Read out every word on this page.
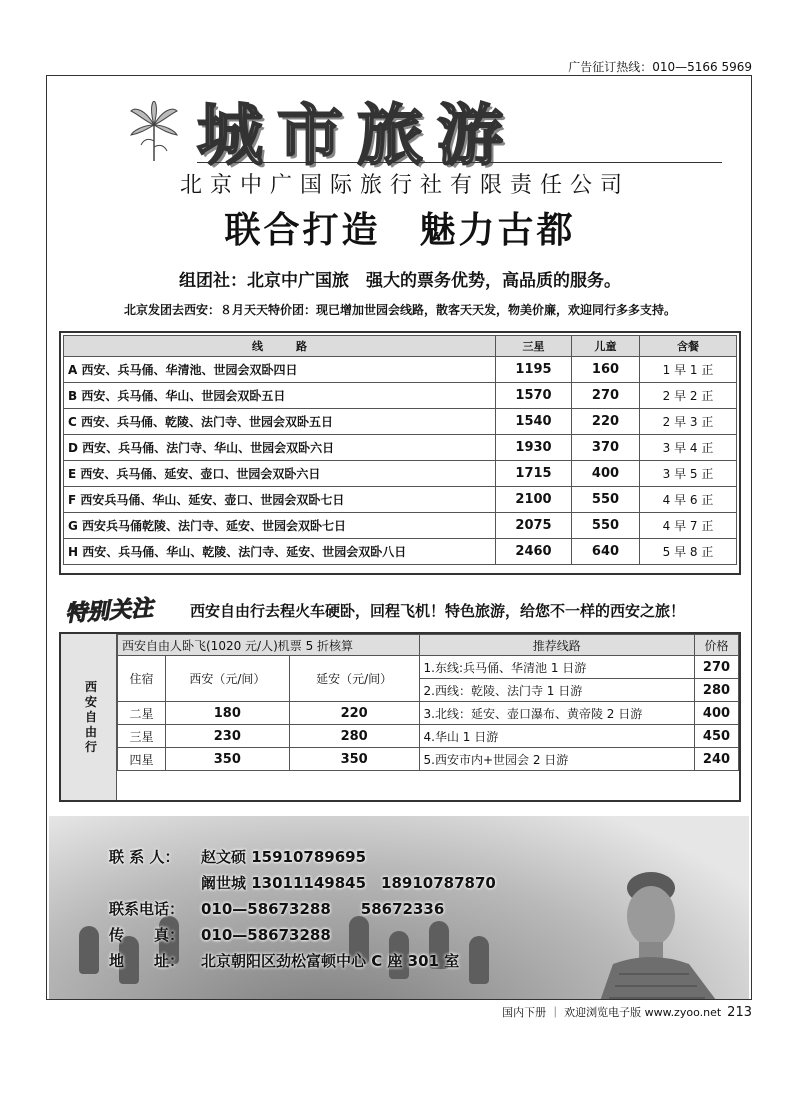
广告征订热线：010—5166 5969
城市旅游
北京中广国际旅行社有限责任公司
联合打造　魅力古都
组团社：北京中广国旅　强大的票务优势，高品质的服务。
北京发团去西安：８月天天特价团：现已增加世园会线路，散客天天发，物美价廉，欢迎同行多多支持。
线　　　路	三星	儿童	含餐
A 西安、兵马俑、华清池、世园会双卧四日	1195	160	1 早 1 正
B 西安、兵马俑、华山、世园会双卧五日	1570	270	2 早 2 正
C 西安、兵马俑、乾陵、法门寺、世园会双卧五日	1540	220	2 早 3 正
D 西安、兵马俑、法门寺、华山、世园会双卧六日	1930	370	3 早 4 正
E 西安、兵马俑、延安、壶口、世园会双卧六日	1715	400	3 早 5 正
F 西安兵马俑、华山、延安、壶口、世园会双卧七日	2100	550	4 早 6 正
G 西安兵马俑乾陵、法门寺、延安、世园会双卧七日	2075	550	4 早 7 正
H 西安、兵马俑、华山、乾陵、法门寺、延安、世园会双卧八日	2460	640	5 早 8 正
特别关注 西安自由行去程火车硬卧，回程飞机！特色旅游，给您不一样的西安之旅！
西安自由行
西安自由人卧飞(1020 元/人)机票 5 折核算			推荐线路	价格
住宿	西安（元/间）	延安（元/间）	1.东线:兵马俑、华清池 1 日游	270
			2.西线：乾陵、法门寺 1 日游	280
二星	180	220	3.北线：延安、壶口瀑布、黄帝陵 2 日游	400
三星	230	280	4.华山 1 日游	450
四星	350	350	5.西安市内+世园会 2 日游	240
联 系 人： 赵文硕 15910789695
阚世城 13011149845　18910787870
联系电话： 010—58673288　　58672336
传　　真： 010—58673288
地　　址： 北京朝阳区劲松富顿中心 C 座 301 室
国内下册 ｜ 欢迎浏览电子版 www.zyoo.net 213
